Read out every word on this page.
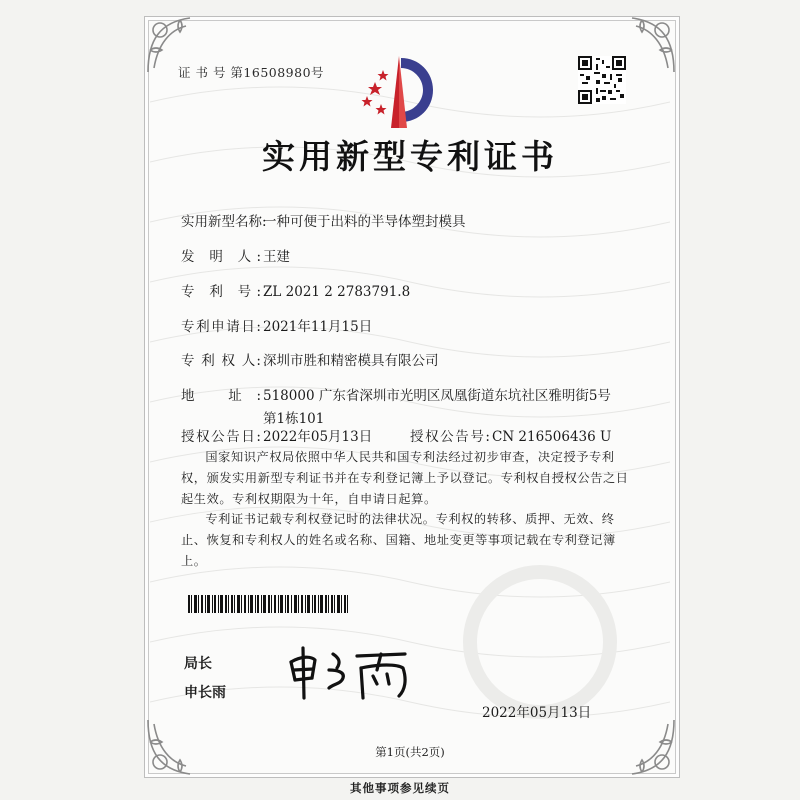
证 书 号 第16508980号
实用新型专利证书
实用新型名称:一种可便于出料的半导体塑封模具
发 明 人: 王建
专 利 号: ZL 2021 2 2783791.8
专利申请日: 2021年11月15日
专 利 权 人: 深圳市胜和精密模具有限公司
地 址: 518000 广东省深圳市光明区凤凰街道东坑社区雅明街5号
第1栋101
授权公告日: 2022年05月13日	授权公告号: CN 216506436 U
国家知识产权局依照中华人民共和国专利法经过初步审查，决定授予专利权，颁发实用新型专利证书并在专利登记簿上予以登记。专利权自授权公告之日起生效。专利权期限为十年，自申请日起算。
专利证书记载专利权登记时的法律状况。专利权的转移、质押、无效、终止、恢复和专利权人的姓名或名称、国籍、地址变更等事项记载在专利登记簿上。
局长
申长雨
2022年05月13日
第1页(共2页)
其他事项参见续页
